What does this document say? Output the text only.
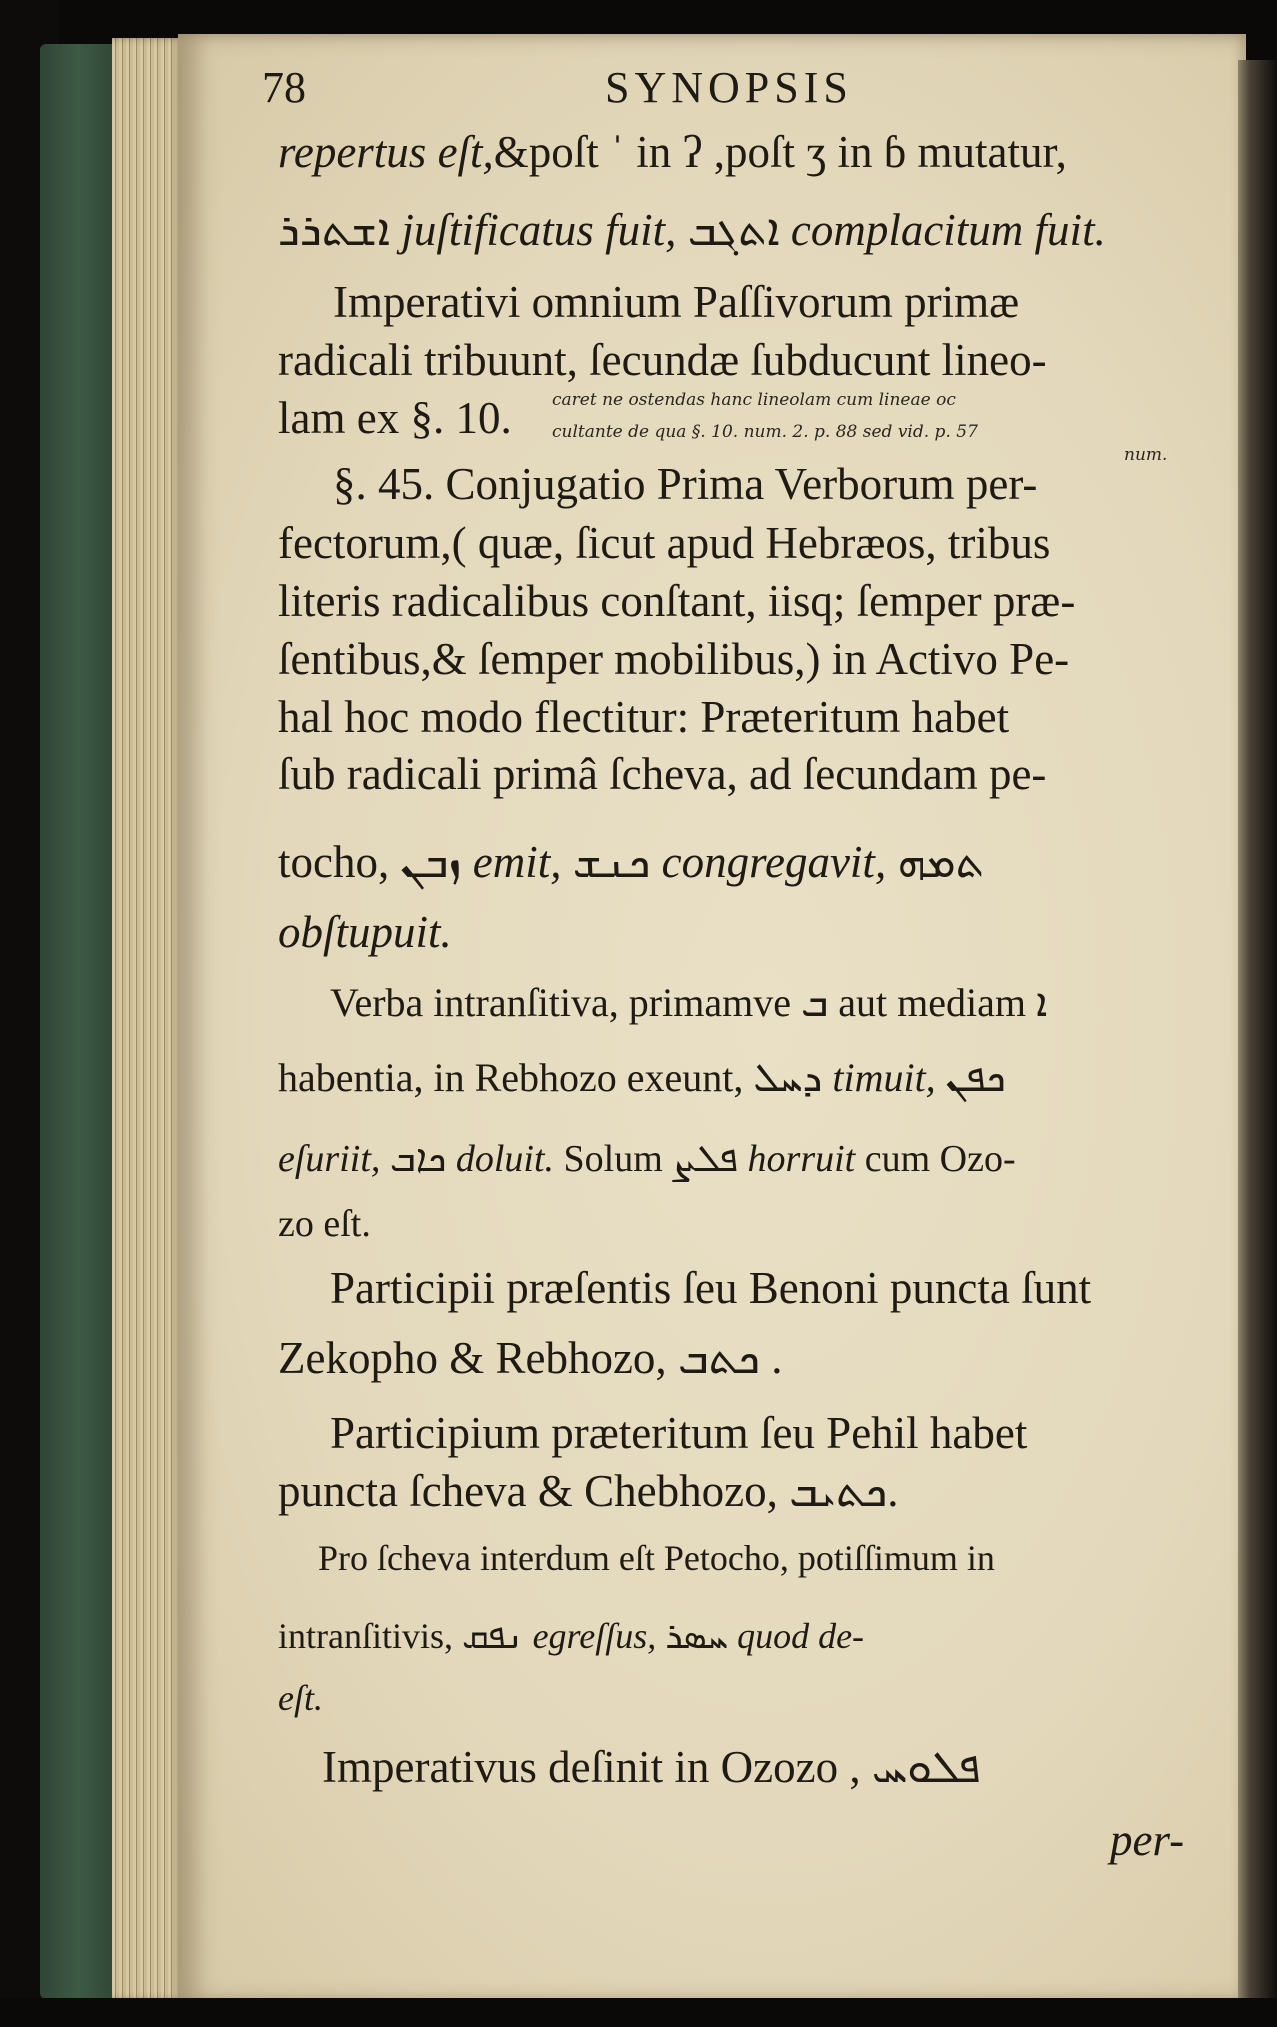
78	SYNOPSIS

repertus eſt,&poſt ˈ in ʔ ,poſt ʒ in ɓ mutatur,

ܐܫܬܪܪ juſtificatus fuit, ܐܬܓܒ complacitum fuit.

Imperativi omnium Paſſivorum primæ

radicali tribuunt, ſecundæ ſubducunt lineo-

lam ex §. 10. caret ne ostendas hanc lineolam cum lineae oc
cultante de qua §. 10. num. 2. p. 88 sed vid. p. 57
num.

§. 45. Conjugatio Prima Verborum per-

fectorum,( quæ, ſicut apud Hebræos, tribus

literis radicalibus conſtant, iisq; ſemper præ-

ſentibus,& ſemper mobilibus,) in Activo Pe-

hal hoc modo flectitur: Præteritum habet

ſub radicali primâ ſcheva, ad ſecundam pe-

tocho, ܙܒܢ emit, ܟܢܫ congregavit, ܬܡܗ

obſtupuit.

Verba intranſitiva, primamve ܒ aut mediam ܐ

habentia, in Rebhozo exeunt, ܕܚܠ timuit, ܟܦܢ

eſuriit, ܟܐܒ doluit. Solum ܦܠܨ horruit cum Ozo-

zo eſt.

Participii præſentis ſeu Benoni puncta ſunt

Zekopho & Rebhozo, ܟܬܒ .

Participium præteritum ſeu Pehil habet

puncta ſcheva & Chebhozo, ܟܬܝܒ.

Pro ſcheva interdum eſt Petocho, potiſſimum in

intranſitivis, ܢܦܩ egreſſus, ܚܣܪ quod de-

eſt.

Imperativus deſinit in Ozozo , ܦܠܘܚ

per-
